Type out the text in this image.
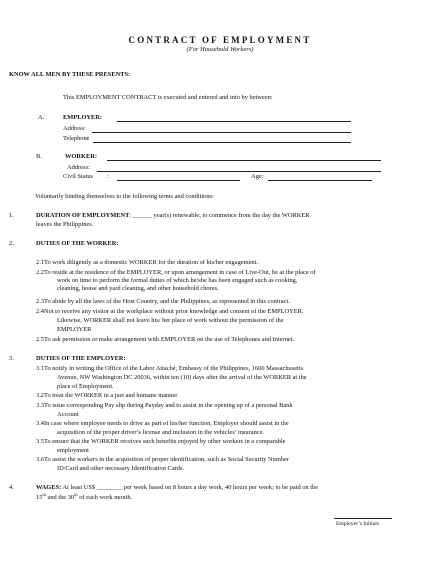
CONTRACT OF EMPLOYMENT
(For Household Workers)
KNOW ALL MEN BY THESE PRESENTS:
This EMPLOYMENT CONTRACT is executed and entered and into by between:
A.	EMPLOYER:
Address:
Telephone
B.	WORKER:
Address:
Civil Status :	Age:
Voluntarily binding themselves to the following terms and conditions:
1.	DURATION OF EMPLOYMENT: ______ year(s) renewable; to commence from the day the WORKER
leaves the Philippines.
2.	DUTIES OF THE WORKER:
2.1To work diligently as a domestic WORKER for the duration of his/her engagement.
2.2To reside at the residence of the EMPLOYER, or upon arrangement in case of Live-Out, be at the place of
work on time to perform the formal duties of which he/she has been engaged such as cooking,
cleaning, house and yard cleaning, and other household chores.
2.3To abide by all the laws of the Host Country, and the Philippines, as represented in this contract.
2.4Not to receive any visitor at the workplace without prior knowledge and consent of the EMPLOYER.
Likewise, WORKER shall not leave his/ her place of work without the permission of the
EMPLOYER
2.5To ask permission or make arrangement with EMPLOYER on the use of Telephones and Internet.
3.	DUTIES OF THE EMPLOYER:
3.1To notify in writing the Office of the Labor Attaché, Embassy of the Philippines, 1600 Massachusetts
Avenue, NW Washington DC 20036, within ten (10) days after the arrival of the WORKER at the
place of Employment.
3.2To treat the WORKER in a just and humane manner
3.3To issue corresponding Pay slip during Payday and to assist in the opening up of a personal Bank
Account
3.4In case where employee needs to drive as part of his/her function, Employer should assist in the
acquisition of the proper driver’s license and inclusion in the vehicles’ insurance.
3.5To ensure that the WORKER receives such benefits enjoyed by other workers in a comparable
employment
3.6To assist the workers in the acquisition of proper identification, such as Social Security Number
ID/Card and other necessary Identification Cards.
4.	WAGES: At least US$ ________ per week based on 8 hours a day work, 40 hours per week; to be paid on the
15th and the 30th of each work month.
Employer’s Initials
